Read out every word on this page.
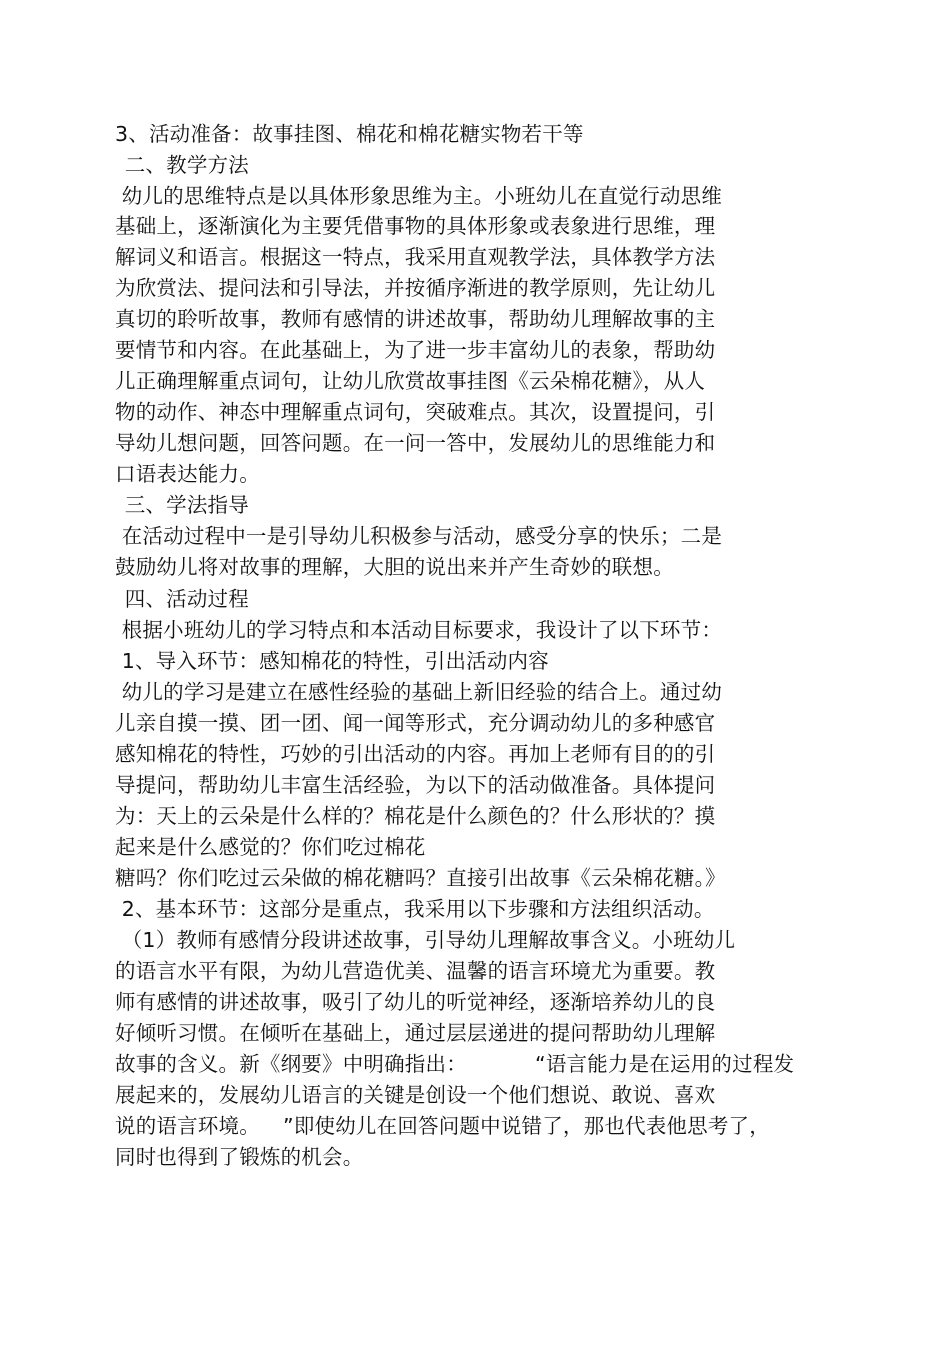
3、活动准备：故事挂图、棉花和棉花糖实物若干等
二、教学方法
幼儿的思维特点是以具体形象思维为主。小班幼儿在直觉行动思维
基础上，逐渐演化为主要凭借事物的具体形象或表象进行思维，理
解词义和语言。根据这一特点，我采用直观教学法，具体教学方法
为欣赏法、提问法和引导法，并按循序渐进的教学原则，先让幼儿
真切的聆听故事，教师有感情的讲述故事，帮助幼儿理解故事的主
要情节和内容。在此基础上，为了进一步丰富幼儿的表象，帮助幼
儿正确理解重点词句，让幼儿欣赏故事挂图《云朵棉花糖》，从人
物的动作、神态中理解重点词句，突破难点。其次，设置提问，引
导幼儿想问题，回答问题。在一问一答中，发展幼儿的思维能力和
口语表达能力。
三、学法指导
在活动过程中一是引导幼儿积极参与活动，感受分享的快乐；二是
鼓励幼儿将对故事的理解，大胆的说出来并产生奇妙的联想。
四、活动过程
根据小班幼儿的学习特点和本活动目标要求，我设计了以下环节：
1、导入环节：感知棉花的特性，引出活动内容
幼儿的学习是建立在感性经验的基础上新旧经验的结合上。通过幼
儿亲自摸一摸、团一团、闻一闻等形式，充分调动幼儿的多种感官
感知棉花的特性，巧妙的引出活动的内容。再加上老师有目的的引
导提问，帮助幼儿丰富生活经验，为以下的活动做准备。具体提问
为：天上的云朵是什么样的？棉花是什么颜色的？什么形状的？摸
起来是什么感觉的？你们吃过棉花
糖吗？你们吃过云朵做的棉花糖吗？直接引出故事《云朵棉花糖。》
2、基本环节：这部分是重点，我采用以下步骤和方法组织活动。
（1）教师有感情分段讲述故事，引导幼儿理解故事含义。小班幼儿
的语言水平有限，为幼儿营造优美、温馨的语言环境尤为重要。教
师有感情的讲述故事，吸引了幼儿的听觉神经，逐渐培养幼儿的良
好倾听习惯。在倾听在基础上，通过层层递进的提问帮助幼儿理解
故事的含义。新《纲要》中明确指出：	“语言能力是在运用的过程发
展起来的，发展幼儿语言的关键是创设一个他们想说、敢说、喜欢
说的语言环境。 ”即使幼儿在回答问题中说错了，那也代表他思考了，
同时也得到了锻炼的机会。
